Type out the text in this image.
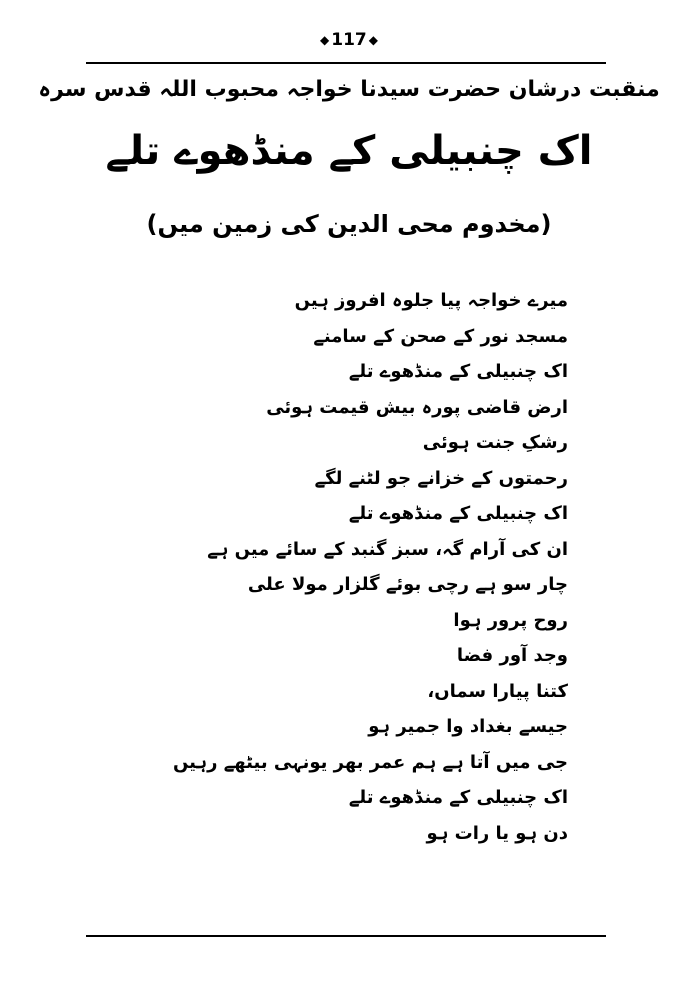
◆ 117 ◆
منقبت درشان حضرت سیدنا خواجہ محبوب اللہ قدس سرہ
اک چنبیلی کے منڈھوے تلے
(مخدوم محی الدین کی زمین میں)
میرے خواجہ پیا جلوہ افروز ہیں
مسجد نور کے صحن کے سامنے
اک چنبیلی کے منڈھوے تلے
ارض قاضی پورہ بیش قیمت ہوئی
رشکِ جنت ہوئی
رحمتوں کے خزانے جو لٹنے لگے
اک چنبیلی کے منڈھوے تلے
ان کی آرام گہ، سبز گنبد کے سائے میں ہے
چار سو ہے رچی بوئے گلزار مولا علی
روح پرور ہوا
وجد آور فضا
کتنا پیارا سماں،
جیسے بغداد وا جمیر ہو
جی میں آتا ہے ہم عمر بھر یونہی بیٹھے رہیں
اک چنبیلی کے منڈھوے تلے
دن ہو یا رات ہو
